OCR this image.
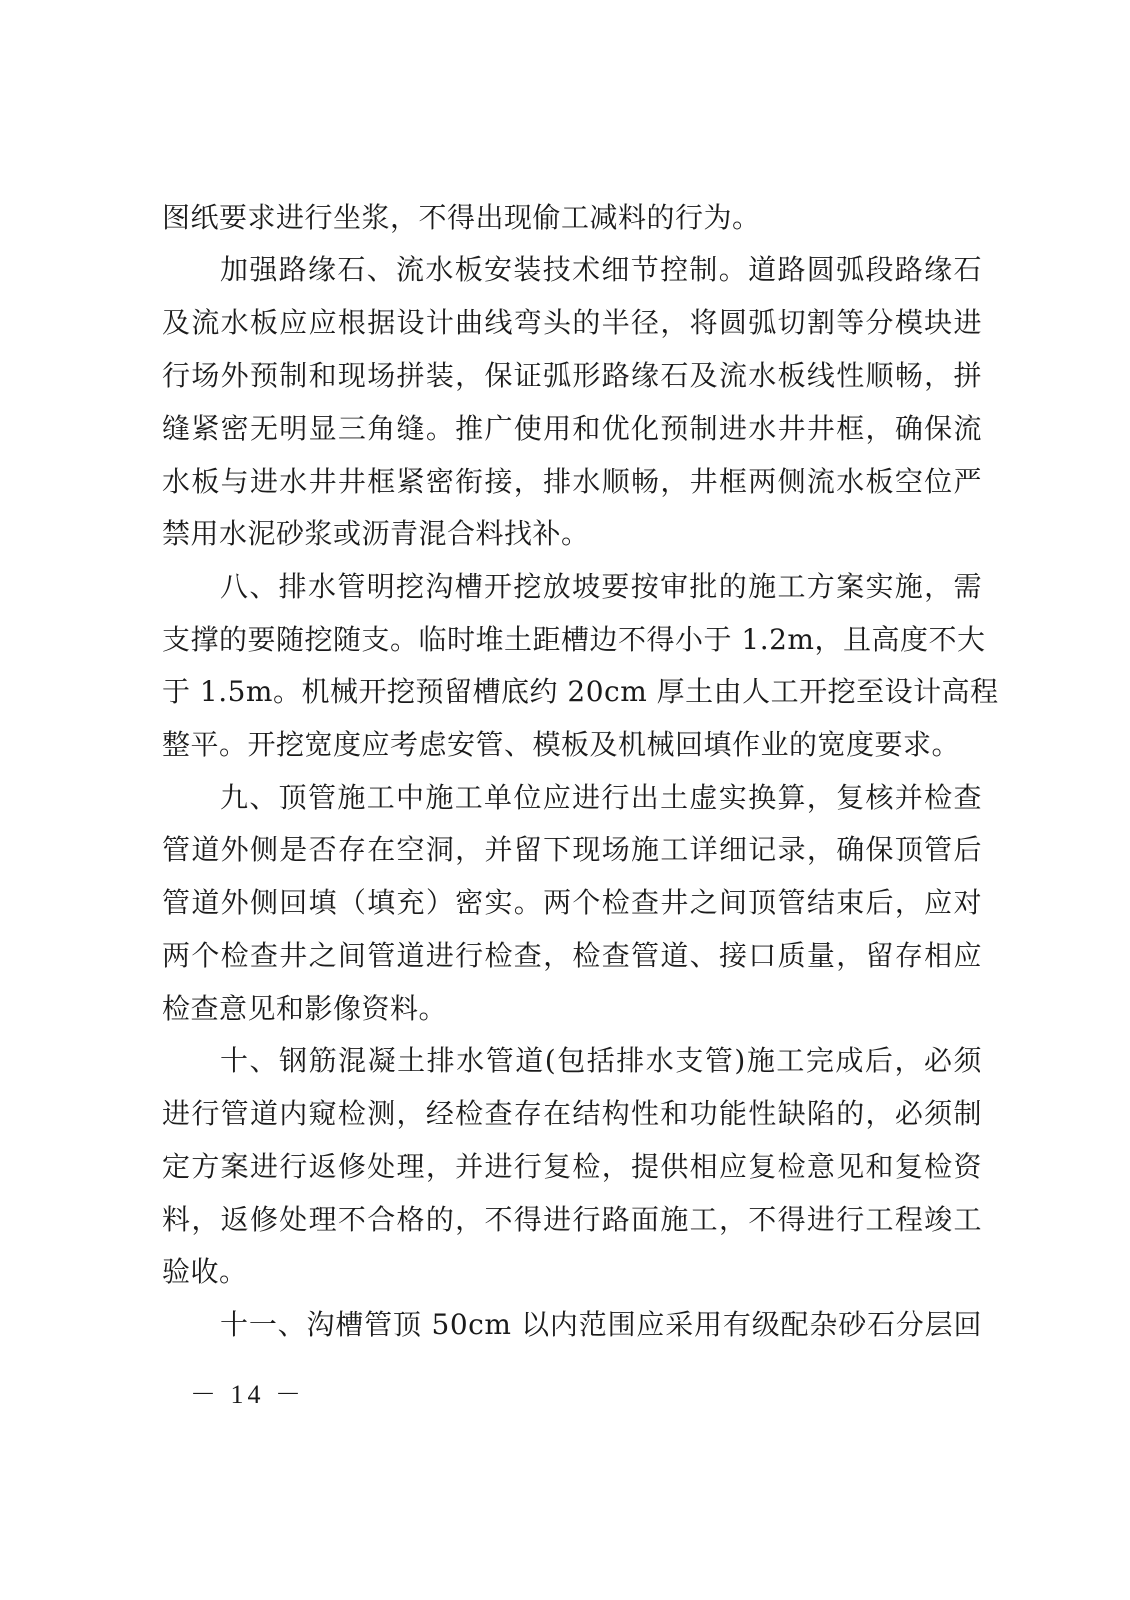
图纸要求进行坐浆，不得出现偷工减料的行为。
加强路缘石、流水板安装技术细节控制。道路圆弧段路缘石
及流水板应应根据设计曲线弯头的半径，将圆弧切割等分模块进
行场外预制和现场拼装，保证弧形路缘石及流水板线性顺畅，拼
缝紧密无明显三角缝。推广使用和优化预制进水井井框，确保流
水板与进水井井框紧密衔接，排水顺畅，井框两侧流水板空位严
禁用水泥砂浆或沥青混合料找补。
八、排水管明挖沟槽开挖放坡要按审批的施工方案实施，需
支撑的要随挖随支。临时堆土距槽边不得小于 1.2m，且高度不大
于 1.5m。机械开挖预留槽底约 20cm 厚土由人工开挖至设计高程
整平。开挖宽度应考虑安管、模板及机械回填作业的宽度要求。
九、顶管施工中施工单位应进行出土虚实换算，复核并检查
管道外侧是否存在空洞，并留下现场施工详细记录，确保顶管后
管道外侧回填（填充）密实。两个检查井之间顶管结束后，应对
两个检查井之间管道进行检查，检查管道、接口质量，留存相应
检查意见和影像资料。
十、钢筋混凝土排水管道(包括排水支管)施工完成后，必须
进行管道内窥检测，经检查存在结构性和功能性缺陷的，必须制
定方案进行返修处理，并进行复检，提供相应复检意见和复检资
料，返修处理不合格的，不得进行路面施工，不得进行工程竣工
验收。
十一、沟槽管顶 50cm 以内范围应采用有级配杂砂石分层回
－ 14 －
